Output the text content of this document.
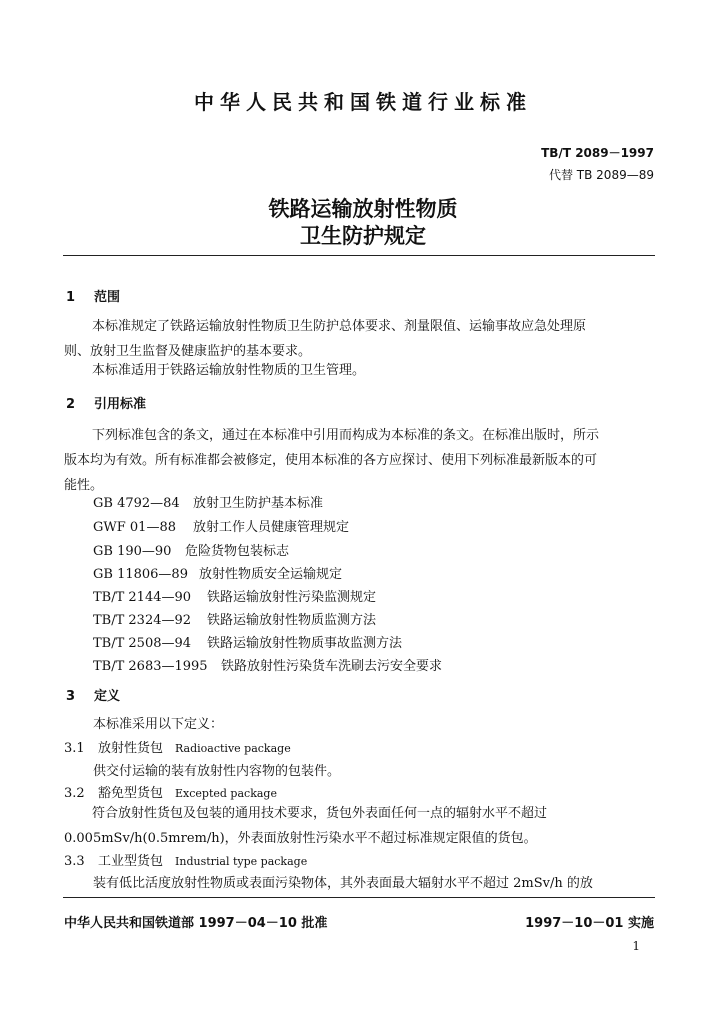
中华人民共和国铁道行业标准
TB/T 2089－1997
代替 TB 2089—89
铁路运输放射性物质
卫生防护规定
1 范围
本标准规定了铁路运输放射性物质卫生防护总体要求、剂量限值、运输事故应急处理原
则、放射卫生监督及健康监护的基本要求。
本标准适用于铁路运输放射性物质的卫生管理。
2 引用标准
下列标准包含的条文，通过在本标准中引用而构成为本标准的条文。在标准出版时，所示
版本均为有效。所有标准都会被修定，使用本标准的各方应探讨、使用下列标准最新版本的可
能性。
GB 4792—84 放射卫生防护基本标准
GWF 01—88 放射工作人员健康管理规定
GB 190—90 危险货物包装标志
GB 11806—89 放射性物质安全运输规定
TB/T 2144—90 铁路运输放射性污染监测规定
TB/T 2324—92 铁路运输放射性物质监测方法
TB/T 2508—94 铁路运输放射性物质事故监测方法
TB/T 2683—1995 铁路放射性污染货车洗刷去污安全要求
3 定义
本标准采用以下定义：
3.1 放射性货包 Radioactive package
供交付运输的装有放射性内容物的包装件。
3.2 豁免型货包 Excepted package
符合放射性货包及包装的通用技术要求，货包外表面任何一点的辐射水平不超过
0.005mSv/h(0.5mrem/h)，外表面放射性污染水平不超过标准规定限值的货包。
3.3 工业型货包 Industrial type package
装有低比活度放射性物质或表面污染物体，其外表面最大辐射水平不超过 2mSv/h 的放
中华人民共和国铁道部 1997－04－10 批准	1997－10－01 实施
1
